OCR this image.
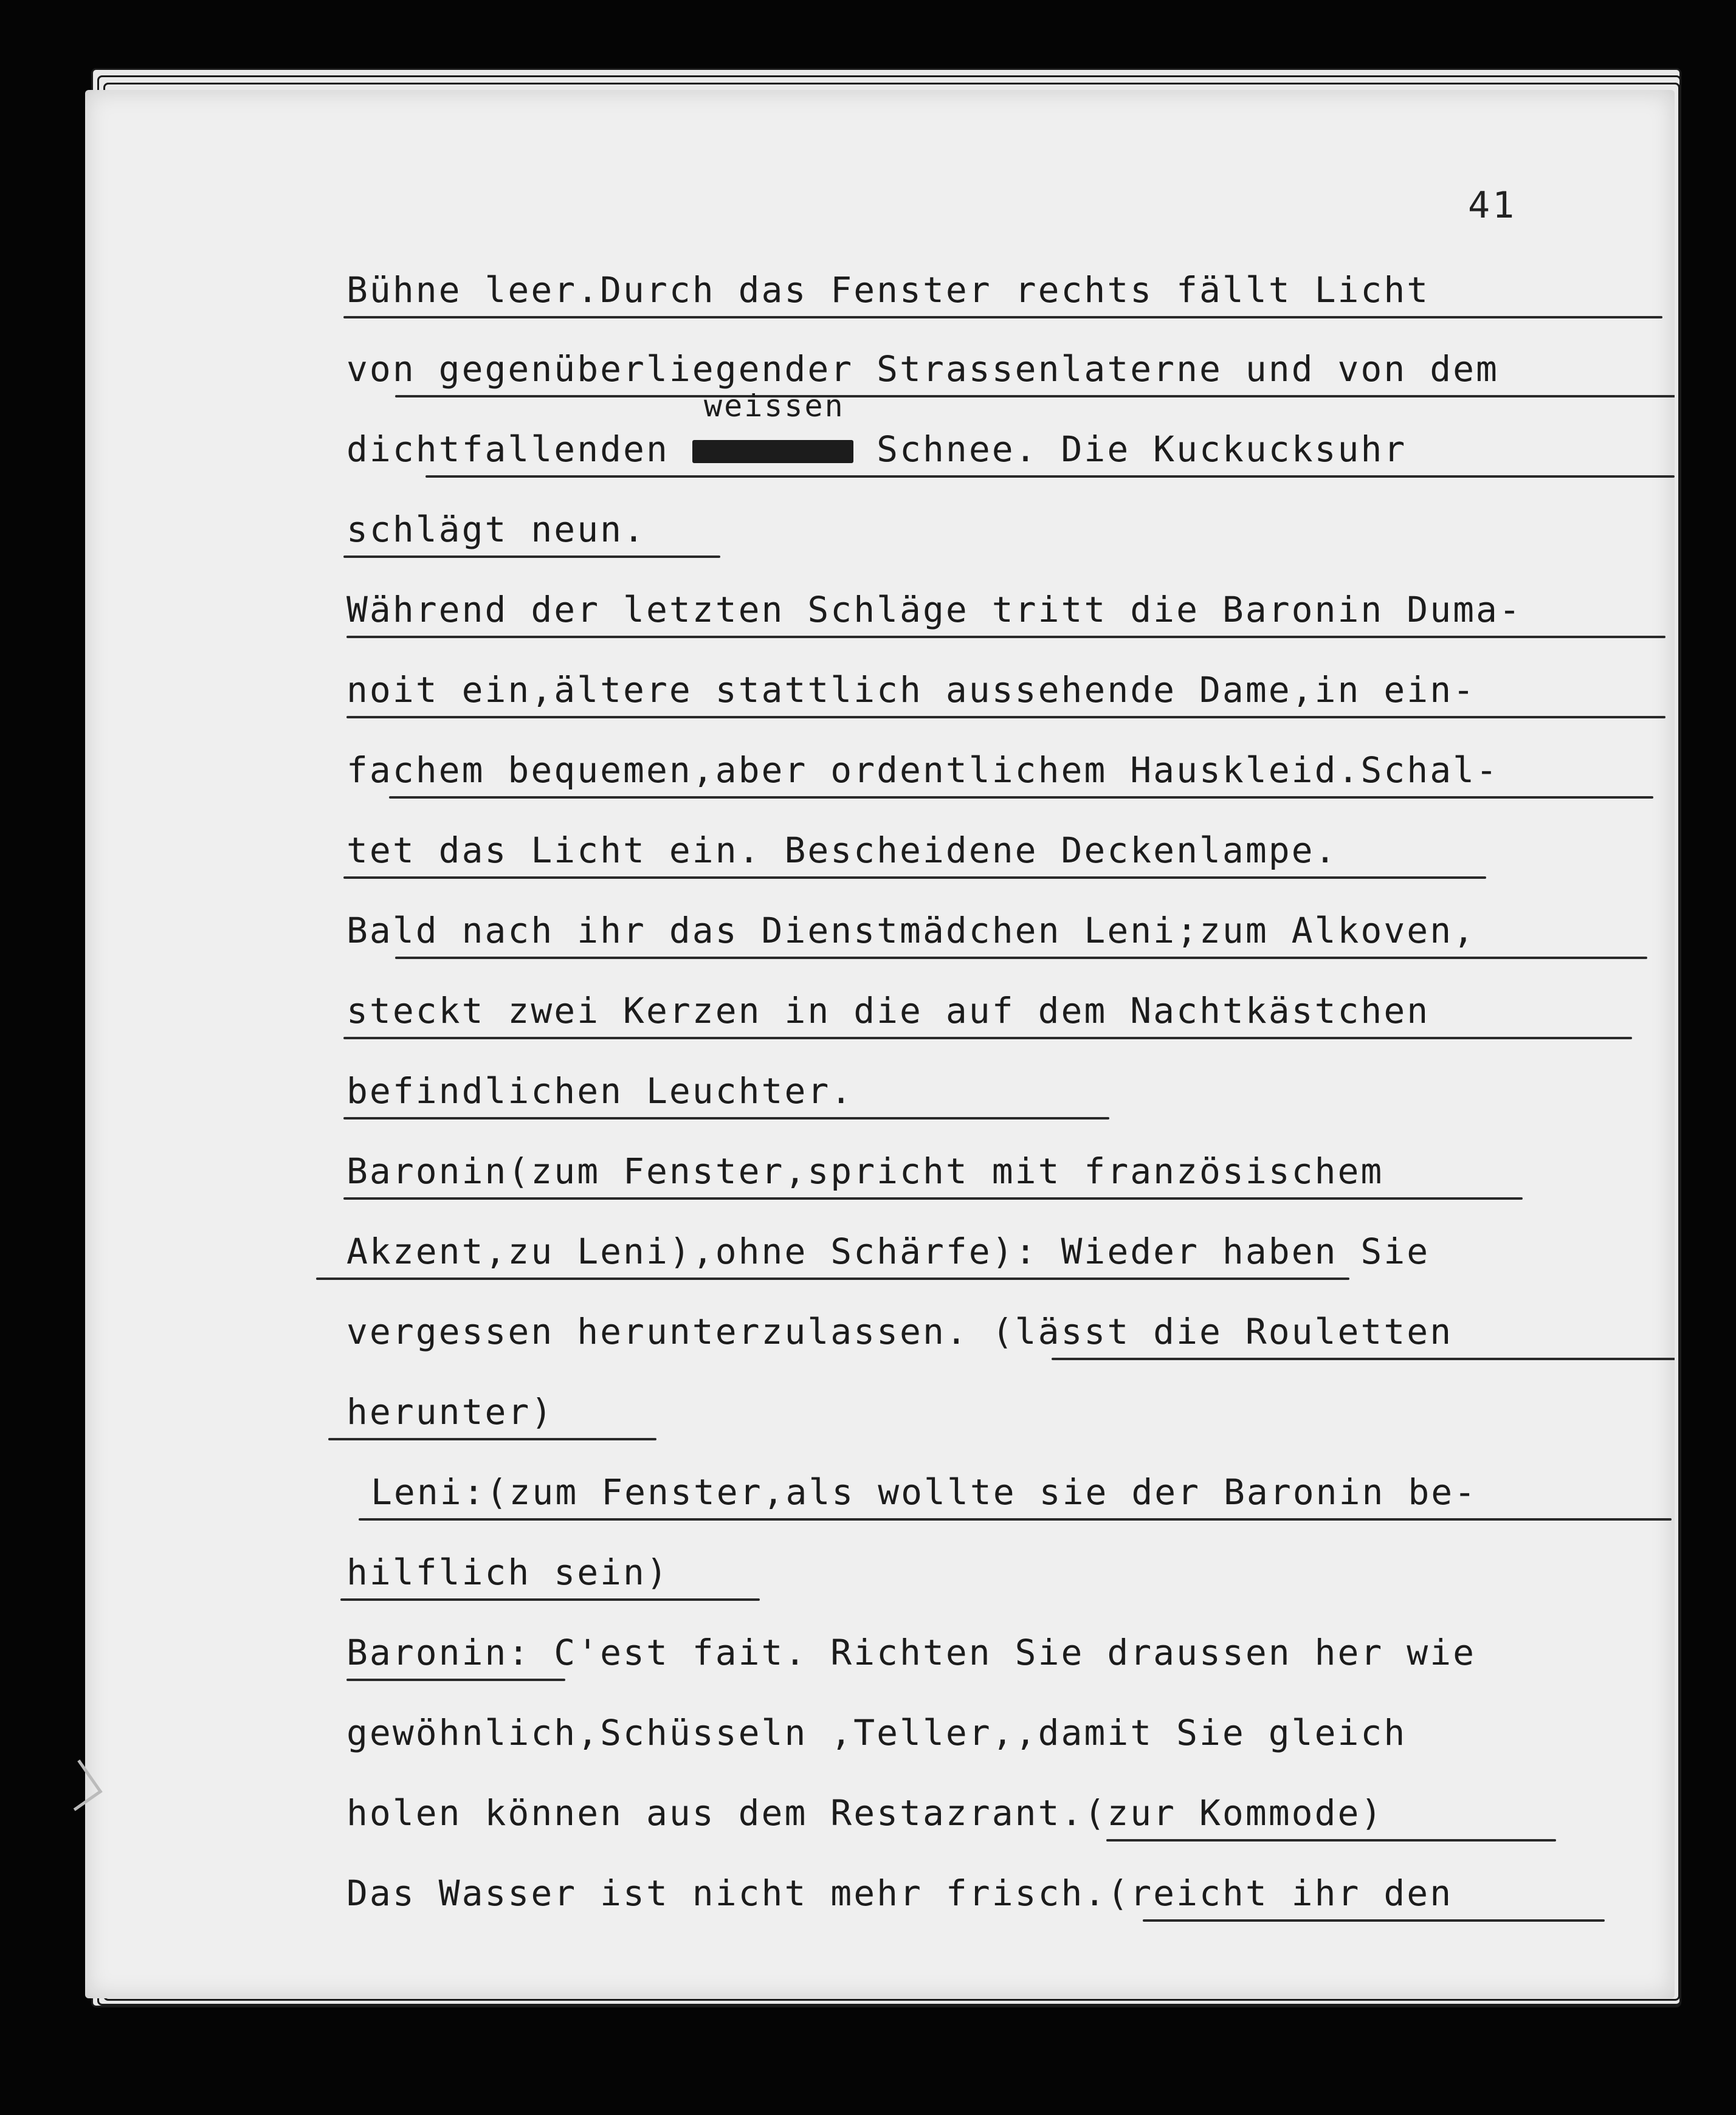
41
Bühne leer.Durch das Fenster rechts fällt Licht
von gegenüberliegender Strassenlaterne und von dem
weissen
dichtfallenden	Schnee. Die Kuckucksuhr
schlägt neun.
Während der letzten Schläge tritt die Baronin Duma-
noit ein,ältere stattlich aussehende Dame,in ein-
fachem bequemen,aber ordentlichem Hauskleid.Schal-
tet das Licht ein. Bescheidene Deckenlampe.
Bald nach ihr das Dienstmädchen Leni;zum Alkoven,
steckt zwei Kerzen in die auf dem Nachtkästchen
befindlichen Leuchter.
Baronin(zum Fenster,spricht mit französischem
Akzent,zu Leni),ohne Schärfe): Wieder haben Sie
vergessen herunterzulassen. (lässt die Rouletten
herunter)
Leni:(zum Fenster,als wollte sie der Baronin be-
hilflich sein)
Baronin: C'est fait. Richten Sie draussen her wie
gewöhnlich,Schüsseln ,Teller,,damit Sie gleich
holen können aus dem Restazrant.(zur Kommode)
Das Wasser ist nicht mehr frisch.(reicht ihr den
